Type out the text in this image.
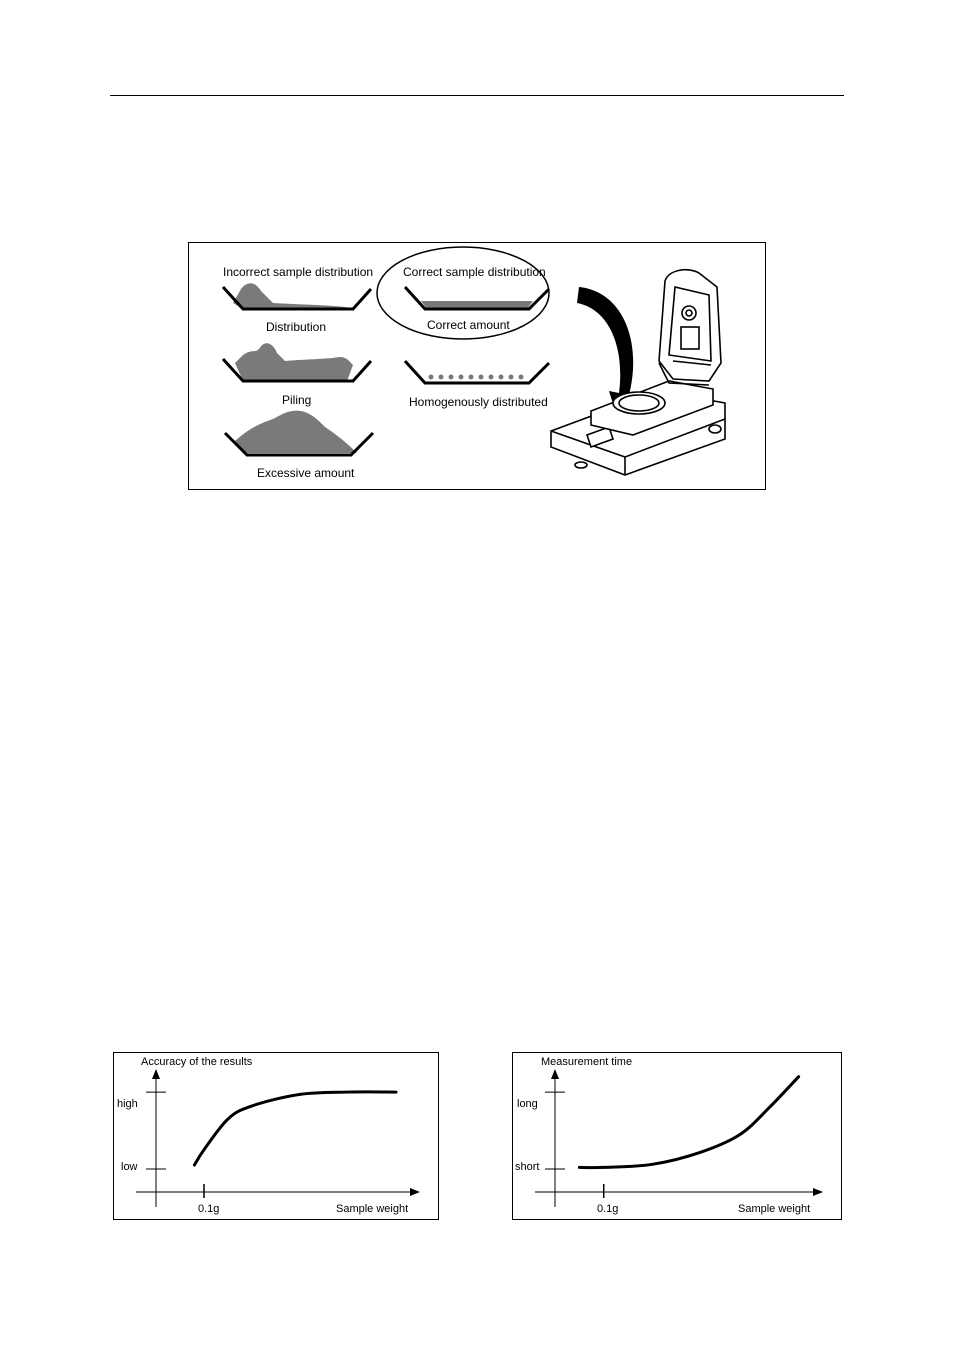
Incorrect sample distribution Correct sample distribution
Distribution	Correct amount
Piling	Homogenously distributed
Excessive amount
Accuracy of the results
high
low
0.1g	Sample weight
Measurement time
long
short
0.1g	Sample weight
